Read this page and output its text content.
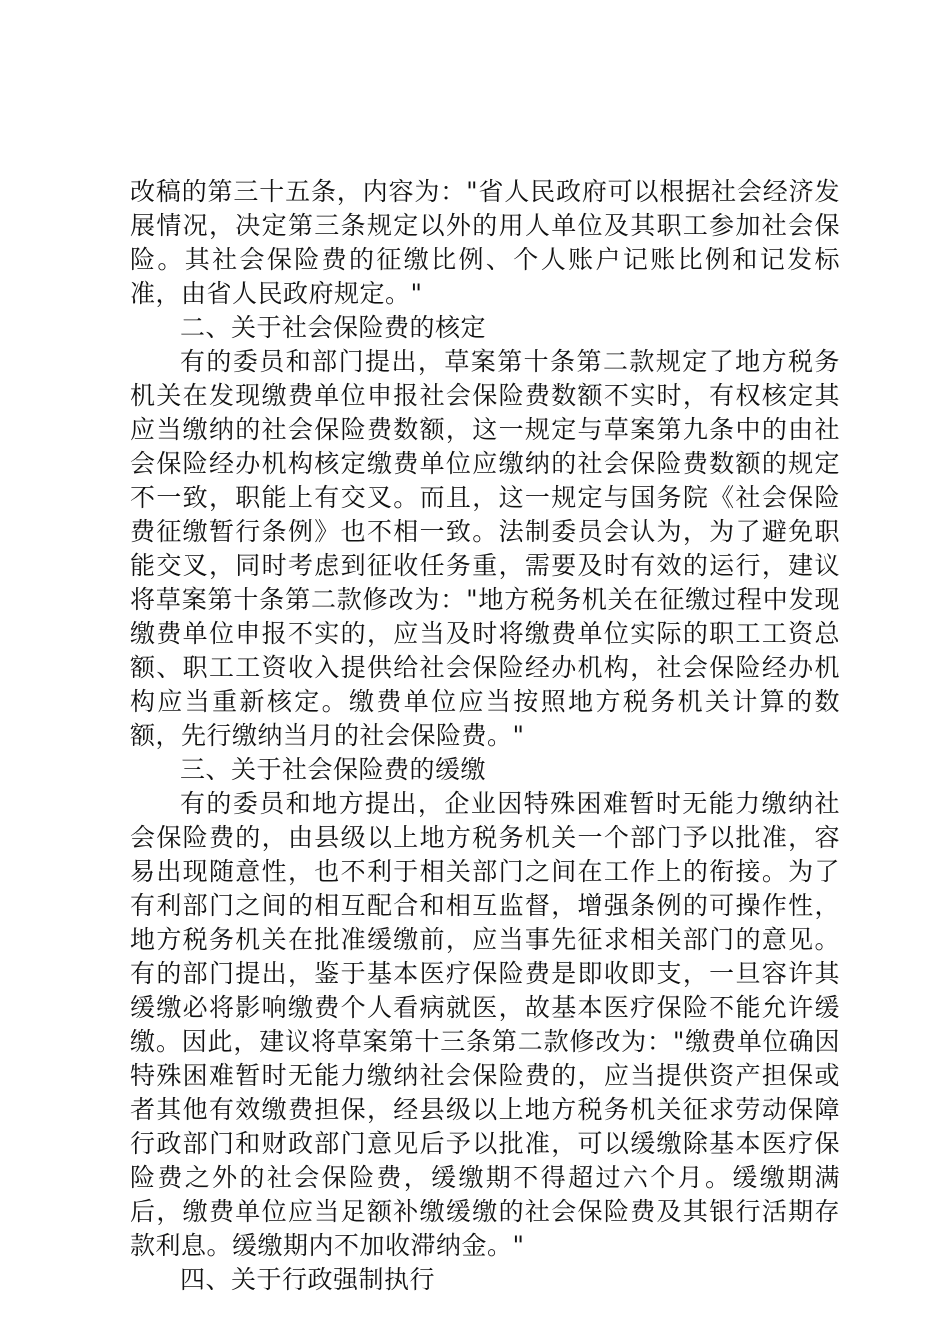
改稿的第三十五条，内容为："省人民政府可以根据社会经济发展情况，决定第三条规定以外的用人单位及其职工参加社会保险。其社会保险费的征缴比例、个人账户记账比例和记发标准，由省人民政府规定。"

二、关于社会保险费的核定

有的委员和部门提出，草案第十条第二款规定了地方税务机关在发现缴费单位申报社会保险费数额不实时，有权核定其应当缴纳的社会保险费数额，这一规定与草案第九条中的由社会保险经办机构核定缴费单位应缴纳的社会保险费数额的规定不一致，职能上有交叉。而且，这一规定与国务院《社会保险费征缴暂行条例》也不相一致。法制委员会认为，为了避免职能交叉，同时考虑到征收任务重，需要及时有效的运行，建议将草案第十条第二款修改为："地方税务机关在征缴过程中发现缴费单位申报不实的，应当及时将缴费单位实际的职工工资总额、职工工资收入提供给社会保险经办机构，社会保险经办机构应当重新核定。缴费单位应当按照地方税务机关计算的数额，先行缴纳当月的社会保险费。"

三、关于社会保险费的缓缴

有的委员和地方提出，企业因特殊困难暂时无能力缴纳社会保险费的，由县级以上地方税务机关一个部门予以批准，容易出现随意性，也不利于相关部门之间在工作上的衔接。为了有利部门之间的相互配合和相互监督，增强条例的可操作性，地方税务机关在批准缓缴前，应当事先征求相关部门的意见。有的部门提出，鉴于基本医疗保险费是即收即支，一旦容许其缓缴必将影响缴费个人看病就医，故基本医疗保险不能允许缓缴。因此，建议将草案第十三条第二款修改为："缴费单位确因特殊困难暂时无能力缴纳社会保险费的，应当提供资产担保或者其他有效缴费担保，经县级以上地方税务机关征求劳动保障行政部门和财政部门意见后予以批准，可以缓缴除基本医疗保险费之外的社会保险费，缓缴期不得超过六个月。缓缴期满后，缴费单位应当足额补缴缓缴的社会保险费及其银行活期存款利息。缓缴期内不加收滞纳金。"

四、关于行政强制执行
